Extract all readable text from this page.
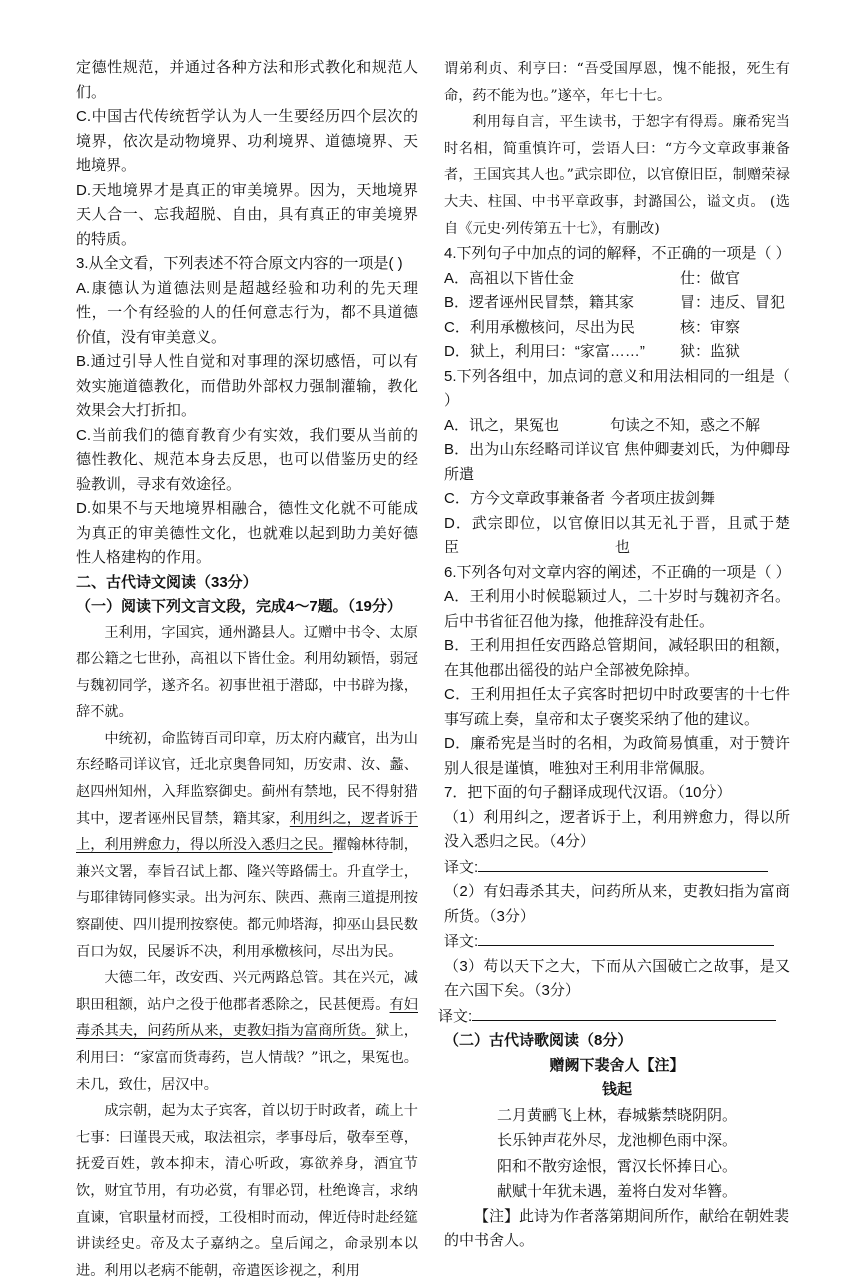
定德性规范，并通过各种方法和形式教化和规范人们。

C.中国古代传统哲学认为人一生要经历四个层次的境界，依次是动物境界、功利境界、道德境界、天地境界。

D.天地境界才是真正的审美境界。因为，天地境界天人合一、忘我超脱、自由，具有真正的审美境界的特质。

3.从全文看，下列表述不符合原文内容的一项是( )

A.康德认为道德法则是超越经验和功利的先天理性，一个有经验的人的任何意志行为，都不具道德价值，没有审美意义。

B.通过引导人性自觉和对事理的深切感悟，可以有效实施道德教化，而借助外部权力强制灌输，教化效果会大打折扣。

C.当前我们的德育教育少有实效，我们要从当前的德性教化、规范本身去反思，也可以借鉴历史的经验教训，寻求有效途径。

D.如果不与天地境界相融合，德性文化就不可能成为真正的审美德性文化，也就难以起到助力美好德性人格建构的作用。

二、古代诗文阅读（33分）

（一）阅读下列文言文段，完成4～7题。（19分）

王利用，字国宾，通州潞县人。辽赠中书令、太原郡公籍之七世孙，高祖以下皆仕金。利用幼颖悟，弱冠与魏初同学，遂齐名。初事世祖于潜邸，中书辟为掾，辞不就。

中统初，命监铸百司印章，历太府内藏官，出为山东经略司详议官，迁北京奥鲁同知，历安肃、汝、蠡、赵四州知州，入拜监察御史。蓟州有禁地，民不得射猎其中，逻者诬州民冒禁，籍其家，利用纠之，逻者诉于上，利用辨愈力，得以所没入悉归之民。擢翰林待制，兼兴文署，奉旨召试上都、隆兴等路儒士。升直学士，与耶律铸同修实录。出为河东、陕西、燕南三道提刑按察副使、四川提刑按察使。都元帅塔海，抑巫山县民数百口为奴，民屡诉不决，利用承檄核问，尽出为民。

大德二年，改安西、兴元两路总管。其在兴元，减职田租额，站户之役于他郡者悉除之，民甚便焉。有妇毒杀其夫，问药所从来，吏教妇指为富商所货。狱上，利用曰：“家富而货毒药，岂人情哉？”讯之，果冤也。未几，致仕，居汉中。

成宗朝，起为太子宾客，首以切于时政者，疏上十七事：曰谨畏天戒，取法祖宗，孝事母后，敬奉至尊，抚爱百姓，敦本抑末，清心听政，寡欲养身，酒宜节饮，财宜节用，有功必赏，有罪必罚，杜绝谗言，求纳直谏，官职量材而授，工役相时而动，俾近侍时赴经筵讲读经史。帝及太子嘉纳之。皇后闻之，命录别本以进。利用以老病不能朝，帝遣医诊视之，利用

谓弟利贞、利亨曰：“吾受国厚恩，愧不能报，死生有命，药不能为也。”遂卒，年七十七。

利用每自言，平生读书，于恕字有得焉。廉希宪当时名相，简重慎许可，尝语人曰：“方今文章政事兼备者，王国宾其人也。”武宗即位，以官僚旧臣，制赠荣禄大夫、柱国、中书平章政事，封潞国公，谥文贞。 (选自《元史·列传第五十七》，有删改)

4.下列句子中加点的词的解释，不正确的一项是（ ）

A．高祖以下皆仕金	仕：做官
B．逻者诬州民冒禁，籍其家	冒：违反、冒犯
C．利用承檄核问，尽出为民	核：审察
D．狱上，利用曰：“家富……” 狱：监狱

5.下列各组中，加点词的意义和用法相同的一组是（ ）

A．讯之，果冤也	句读之不知，惑之不解

B．出为山东经略司详议官 焦仲卿妻刘氏，为仲卿母所遣

C．方今文章政事兼备者 今者项庄拔剑舞
D．武宗即位，以官僚旧臣
以其无礼于晋，且贰于楚也

6.下列各句对文章内容的阐述，不正确的一项是（ ）

A．王利用小时候聪颖过人，二十岁时与魏初齐名。后中书省征召他为掾，他推辞没有赴任。

B．王利用担任安西路总管期间，减轻职田的租额，在其他郡出徭役的站户全部被免除掉。

C．王利用担任太子宾客时把切中时政要害的十七件事写疏上奏，皇帝和太子褒奖采纳了他的建议。

D．廉希宪是当时的名相，为政简易慎重，对于赞许别人很是谨慎，唯独对王利用非常佩服。

7．把下面的句子翻译成现代汉语。（10分）

（1）利用纠之，逻者诉于上，利用辨愈力，得以所没入悉归之民。（4分）

译文:

（2）有妇毒杀其夫，问药所从来，吏教妇指为富商所货。（3分）

译文:

（3）苟以天下之大，下而从六国破亡之故事，是又在六国下矣。（3分）

译文:

（二）古代诗歌阅读（8分）

赠阙下裴舍人【注】

钱起

二月黄鹂飞上林，春城紫禁晓阴阴。

长乐钟声花外尽，龙池柳色雨中深。

阳和不散穷途恨，霄汉长怀捧日心。

献赋十年犹未遇，羞将白发对华簪。

【注】此诗为作者落第期间所作，献给在朝姓裴的中书舍人。
